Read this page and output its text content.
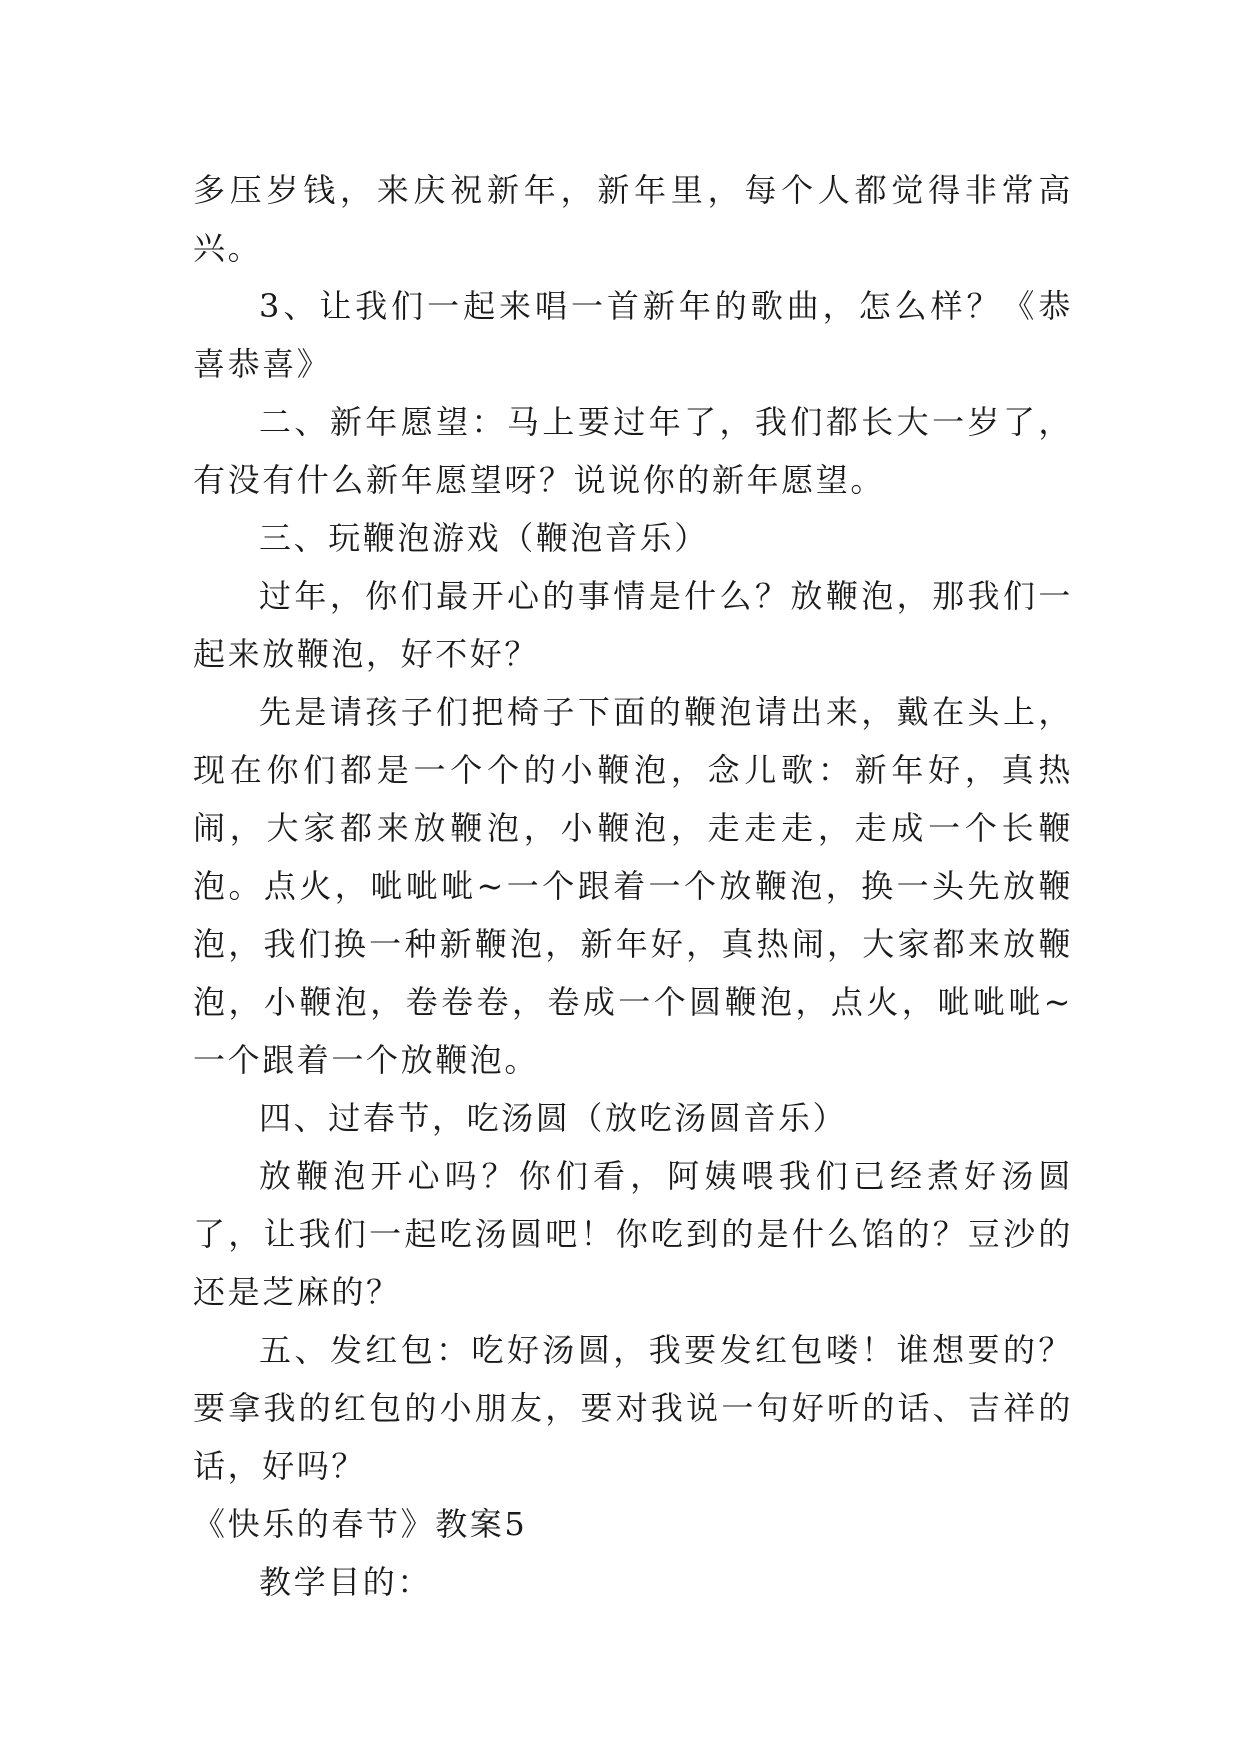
多压岁钱，来庆祝新年，新年里，每个人都觉得非常高兴。

3、让我们一起来唱一首新年的歌曲，怎么样？《恭喜恭喜》

二、新年愿望：马上要过年了，我们都长大一岁了，有没有什么新年愿望呀？说说你的新年愿望。

三、玩鞭泡游戏（鞭泡音乐）

过年，你们最开心的事情是什么？放鞭泡，那我们一起来放鞭泡，好不好？

先是请孩子们把椅子下面的鞭泡请出来，戴在头上，现在你们都是一个个的小鞭泡，念儿歌：新年好，真热闹，大家都来放鞭泡，小鞭泡，走走走，走成一个长鞭泡。点火，呲呲呲~一个跟着一个放鞭泡，换一头先放鞭泡，我们换一种新鞭泡，新年好，真热闹，大家都来放鞭泡，小鞭泡，卷卷卷，卷成一个圆鞭泡，点火，呲呲呲~一个跟着一个放鞭泡。

四、过春节，吃汤圆（放吃汤圆音乐）

放鞭泡开心吗？你们看，阿姨喂我们已经煮好汤圆了，让我们一起吃汤圆吧！你吃到的是什么馅的？豆沙的还是芝麻的？

五、发红包：吃好汤圆，我要发红包喽！谁想要的？要拿我的红包的小朋友，要对我说一句好听的话、吉祥的话，好吗？

《快乐的春节》教案5

教学目的：
